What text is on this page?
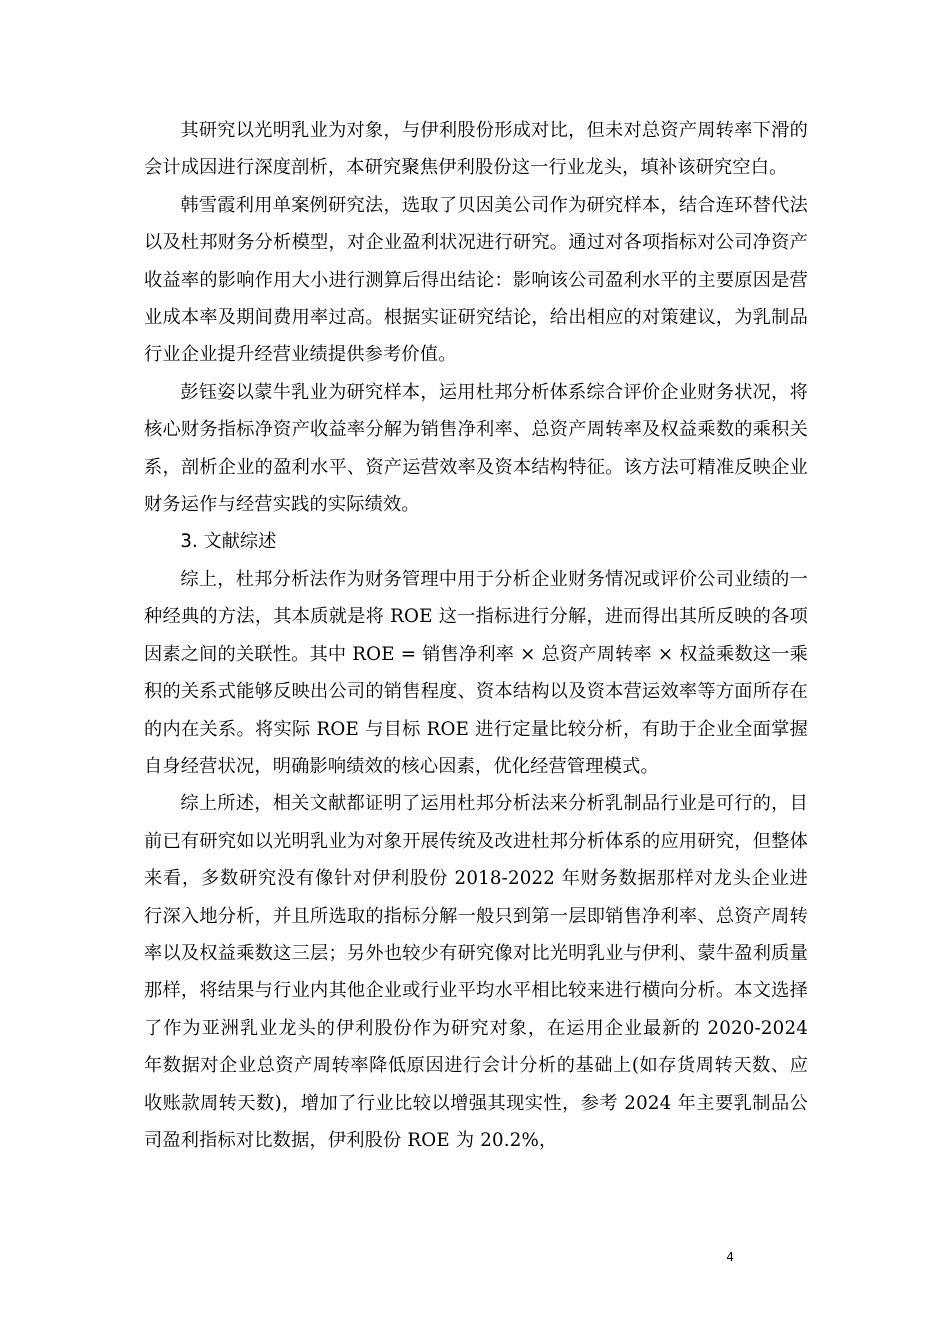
其研究以光明乳业为对象，与伊利股份形成对比，但未对总资产周转率下滑的会计成因进行深度剖析，本研究聚焦伊利股份这一行业龙头，填补该研究空白。

韩雪霞利用单案例研究法，选取了贝因美公司作为研究样本，结合连环替代法以及杜邦财务分析模型，对企业盈利状况进行研究。通过对各项指标对公司净资产收益率的影响作用大小进行测算后得出结论：影响该公司盈利水平的主要原因是营业成本率及期间费用率过高。根据实证研究结论，给出相应的对策建议，为乳制品行业企业提升经营业绩提供参考价值。

彭钰姿以蒙牛乳业为研究样本，运用杜邦分析体系综合评价企业财务状况，将核心财务指标净资产收益率分解为销售净利率、总资产周转率及权益乘数的乘积关系，剖析企业的盈利水平、资产运营效率及资本结构特征。该方法可精准反映企业财务运作与经营实践的实际绩效。

3. 文献综述

综上，杜邦分析法作为财务管理中用于分析企业财务情况或评价公司业绩的一种经典的方法，其本质就是将 ROE 这一指标进行分解，进而得出其所反映的各项因素之间的关联性。其中 ROE = 销售净利率 × 总资产周转率 × 权益乘数这一乘积的关系式能够反映出公司的销售程度、资本结构以及资本营运效率等方面所存在的内在关系。将实际 ROE 与目标 ROE 进行定量比较分析，有助于企业全面掌握自身经营状况，明确影响绩效的核心因素，优化经营管理模式。

综上所述，相关文献都证明了运用杜邦分析法来分析乳制品行业是可行的，目前已有研究如以光明乳业为对象开展传统及改进杜邦分析体系的应用研究，但整体来看，多数研究没有像针对伊利股份 2018-2022 年财务数据那样对龙头企业进行深入地分析，并且所选取的指标分解一般只到第一层即销售净利率、总资产周转率以及权益乘数这三层；另外也较少有研究像对比光明乳业与伊利、蒙牛盈利质量那样，将结果与行业内其他企业或行业平均水平相比较来进行横向分析。本文选择了作为亚洲乳业龙头的伊利股份作为研究对象，在运用企业最新的 2020-2024 年数据对企业总资产周转率降低原因进行会计分析的基础上(如存货周转天数、应收账款周转天数)，增加了行业比较以增强其现实性，参考 2024 年主要乳制品公司盈利指标对比数据，伊利股份 ROE 为 20.2%，

4
